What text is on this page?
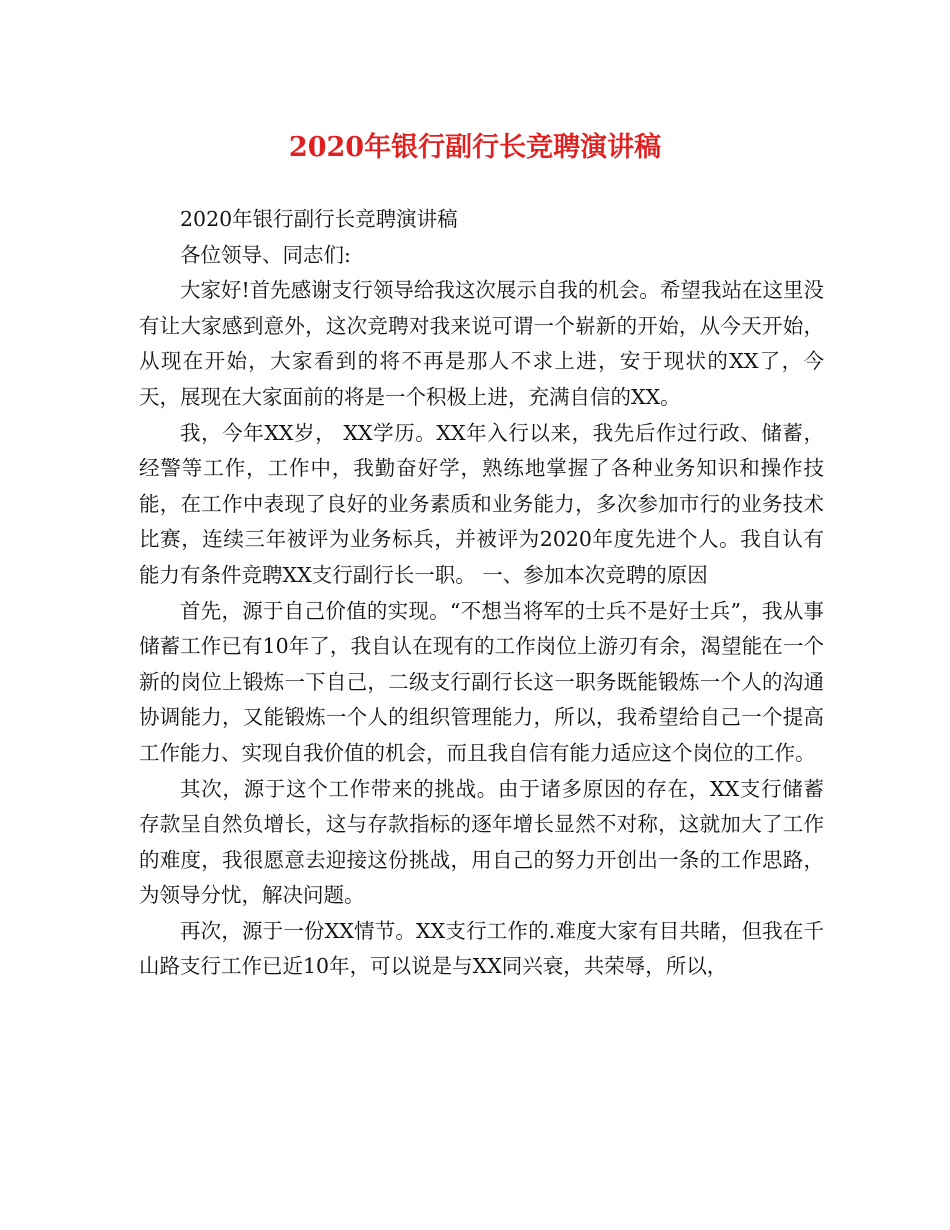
2020年银行副行长竞聘演讲稿

2020年银行副行长竞聘演讲稿

各位领导、同志们:

大家好!首先感谢支行领导给我这次展示自我的机会。希望我站在这里没有让大家感到意外，这次竞聘对我来说可谓一个崭新的开始，从今天开始，从现在开始，大家看到的将不再是那人不求上进，安于现状的XX了，今天，展现在大家面前的将是一个积极上进，充满自信的XX。

我，今年XX岁， XX学历。XX年入行以来，我先后作过行政、储蓄，经警等工作，工作中，我勤奋好学，熟练地掌握了各种业务知识和操作技能，在工作中表现了良好的业务素质和业务能力，多次参加市行的业务技术比赛，连续三年被评为业务标兵，并被评为2020年度先进个人。我自认有能力有条件竞聘XX支行副行长一职。 一、参加本次竞聘的原因

首先，源于自己价值的实现。“不想当将军的士兵不是好士兵”，我从事储蓄工作已有10年了，我自认在现有的工作岗位上游刃有余，渴望能在一个新的岗位上锻炼一下自己，二级支行副行长这一职务既能锻炼一个人的沟通协调能力，又能锻炼一个人的组织管理能力，所以，我希望给自己一个提高工作能力、实现自我价值的机会，而且我自信有能力适应这个岗位的工作。

其次，源于这个工作带来的挑战。由于诸多原因的存在，XX支行储蓄存款呈自然负增长，这与存款指标的逐年增长显然不对称，这就加大了工作的难度，我很愿意去迎接这份挑战，用自己的努力开创出一条的工作思路，为领导分忧，解决问题。

再次，源于一份XX情节。XX支行工作的.难度大家有目共睹，但我在千山路支行工作已近10年，可以说是与XX同兴衰，共荣辱，所以，
